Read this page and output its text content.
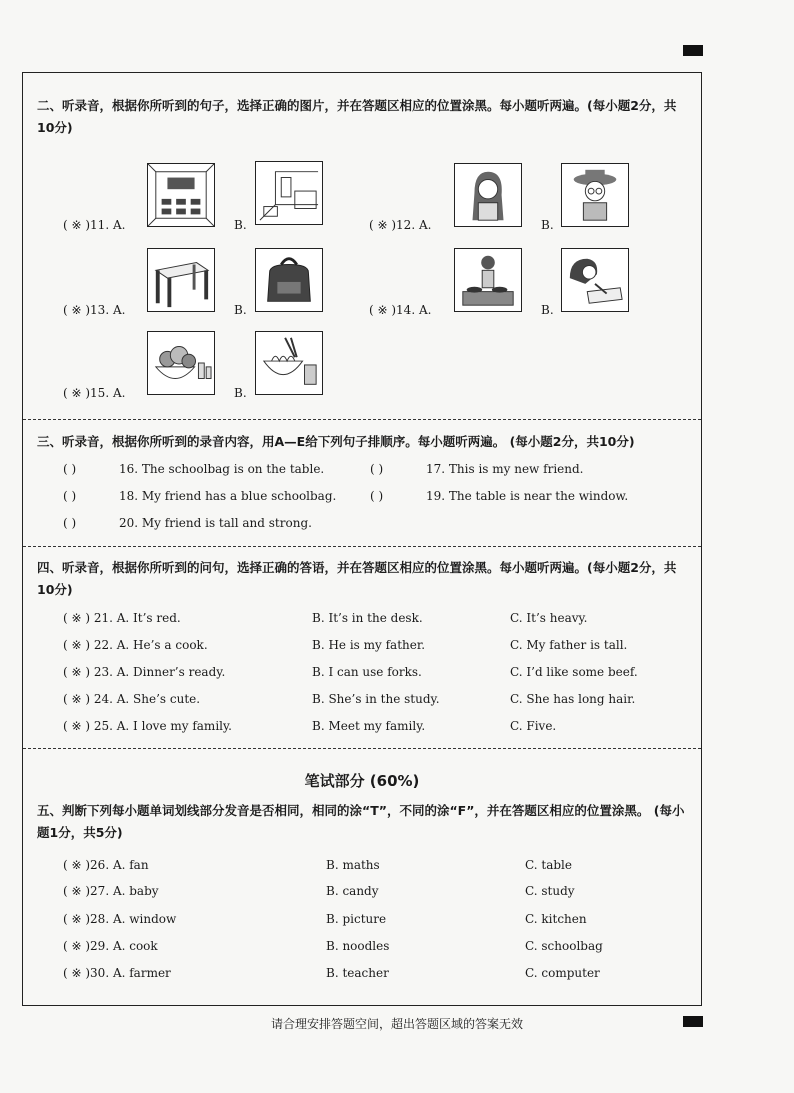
二、听录音，根据你所听到的句子，选择正确的图片，并在答题区相应的位置涂黑。每小题听两遍。(每小题2分，共10分)
( ※ )11. A.	B.	( ※ )12. A.	B.
( ※ )13. A.	B.	( ※ )14. A.	B.
( ※ )15. A.	B.
三、听录音，根据你所听到的录音内容，用A—E给下列句子排顺序。每小题听两遍。 (每小题2分，共10分)
( )	16. The schoolbag is on the table.	( )	17. This is my new friend.
( )	18. My friend has a blue schoolbag.	( )	19. The table is near the window.
( )	20. My friend is tall and strong.
四、听录音，根据你所听到的问句，选择正确的答语，并在答题区相应的位置涂黑。每小题听两遍。(每小题2分，共10分)
( ※ ) 21. A. It’s red.	B. It’s in the desk.	C. It’s heavy.
( ※ ) 22. A. He’s a cook.	B. He is my father.	C. My father is tall.
( ※ ) 23. A. Dinner’s ready.	B. I can use forks.	C. I’d like some beef.
( ※ ) 24. A. She’s cute.	B. She’s in the study.	C. She has long hair.
( ※ ) 25. A. I love my family.	B. Meet my family.	C. Five.
笔试部分 (60%)
五、判断下列每小题单词划线部分发音是否相同，相同的涂“T”，不同的涂“F”，并在答题区相应的位置涂黑。 (每小题1分，共5分)
( ※ )26. A. fan	B. maths	C. table
( ※ )27. A. baby	B. candy	C. study
( ※ )28. A. window	B. picture	C. kitchen
( ※ )29. A. cook	B. noodles	C. schoolbag
( ※ )30. A. farmer	B. teacher	C. computer
请合理安排答题空间，超出答题区域的答案无效
